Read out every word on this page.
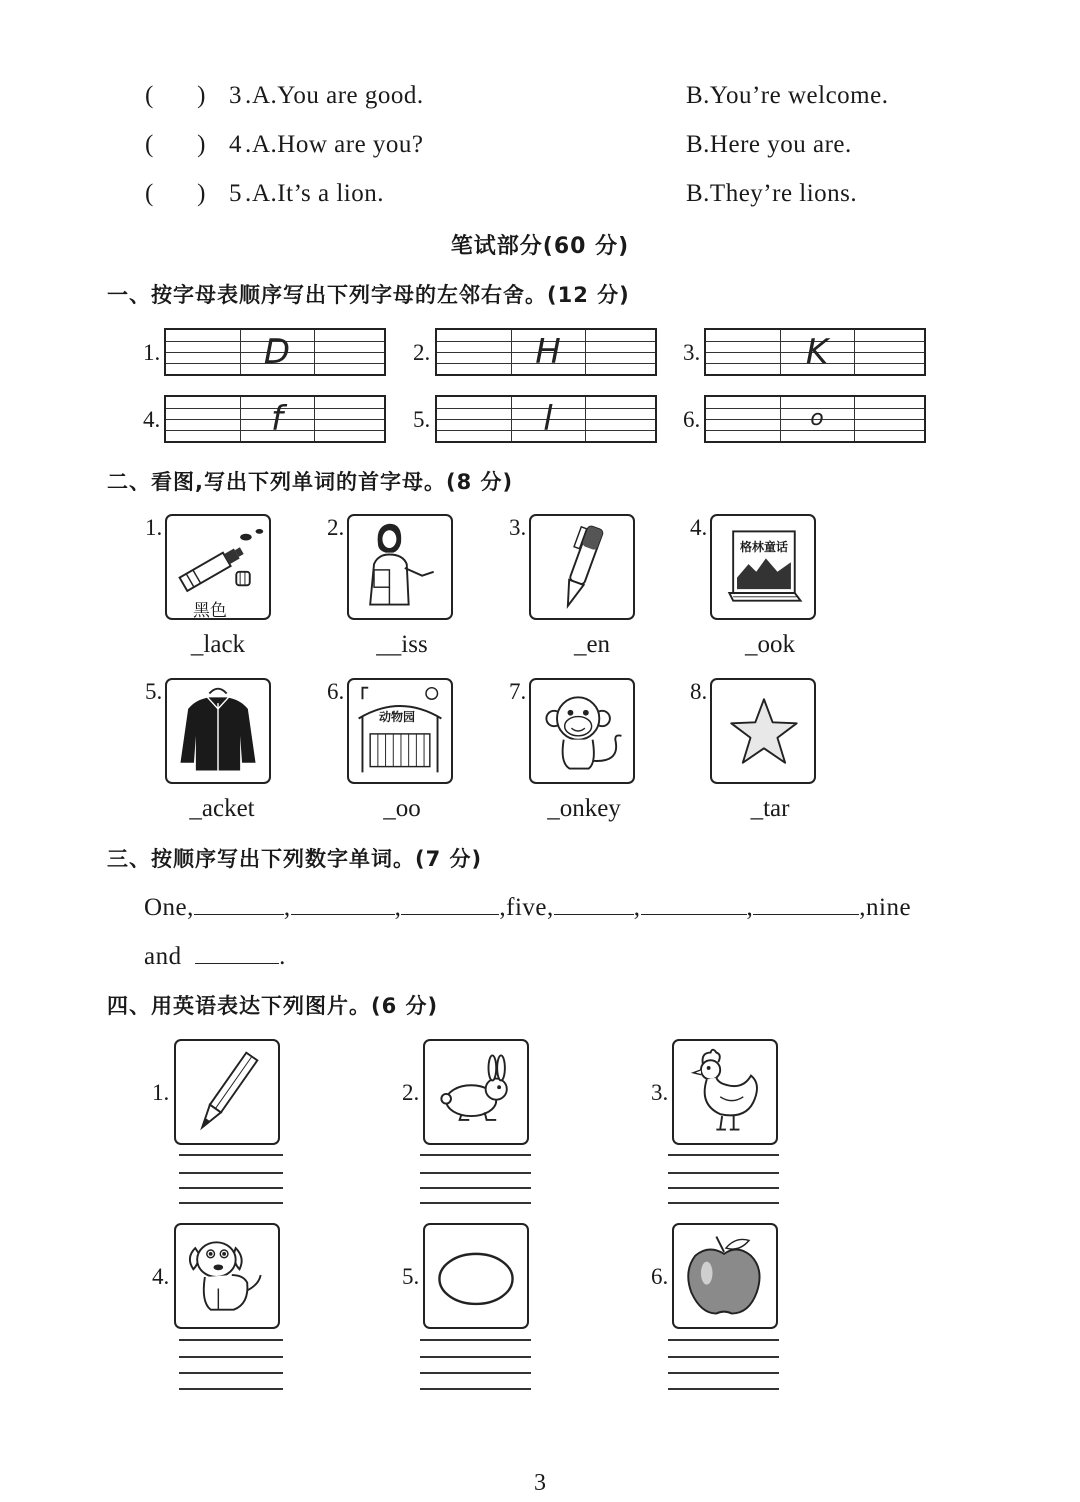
(       ) 3 . A.You are good.	B.You’re welcome.
(       ) 4 . A.How are you?	B.Here you are.
(       ) 5 . A.It’s a lion.	B.They’re lions.
笔试部分(60 分)
一、按字母表顺序写出下列字母的左邻右舍。(12 分)
1.	D	2.	H	3.	K
4.	f	5.	l	6.	o
二、看图,写出下列单词的首字母。(8 分)
1.
黑色
_lack
2.
__iss
3.
_en
4.
格林童话
_ook
5.
_acket
6.
动物园
_oo
7.
_onkey
8.
_tar
三、按顺序写出下列数字单词。(7 分)
One,	,	,	,five,	,	,	,nine
and	.
四、用英语表达下列图片。(6 分)
1.	2.	3.
4.	5.	6.
3
